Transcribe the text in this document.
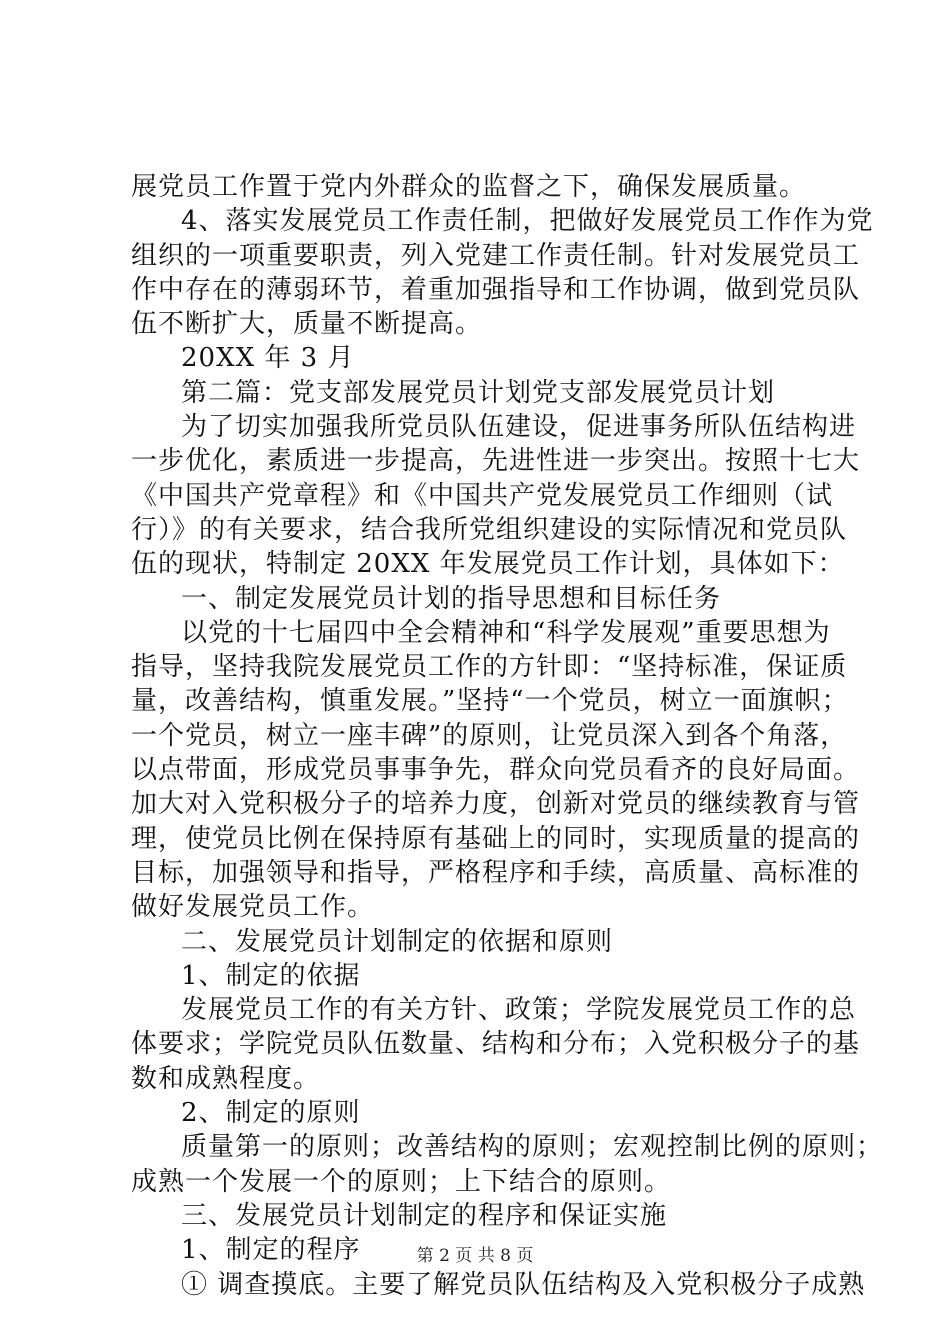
展党员工作置于党内外群众的监督之下，确保发展质量。
4、落实发展党员工作责任制，把做好发展党员工作作为党
组织的一项重要职责，列入党建工作责任制。针对发展党员工
作中存在的薄弱环节，着重加强指导和工作协调，做到党员队
伍不断扩大，质量不断提高。
20XX 年 3 月
第二篇：党支部发展党员计划党支部发展党员计划
为了切实加强我所党员队伍建设，促进事务所队伍结构进
一步优化，素质进一步提高，先进性进一步突出。按照十七大
《中国共产党章程》和《中国共产党发展党员工作细则（试
行）》的有关要求，结合我所党组织建设的实际情况和党员队
伍的现状，特制定 20XX 年发展党员工作计划，具体如下：
一、制定发展党员计划的指导思想和目标任务
以党的十七届四中全会精神和“科学发展观”重要思想为
指导，坚持我院发展党员工作的方针即：“坚持标准，保证质
量，改善结构，慎重发展。”坚持“一个党员，树立一面旗帜；
一个党员，树立一座丰碑”的原则，让党员深入到各个角落，
以点带面，形成党员事事争先，群众向党员看齐的良好局面。
加大对入党积极分子的培养力度，创新对党员的继续教育与管
理，使党员比例在保持原有基础上的同时，实现质量的提高的
目标，加强领导和指导，严格程序和手续，高质量、高标准的
做好发展党员工作。
二、发展党员计划制定的依据和原则
1、制定的依据
发展党员工作的有关方针、政策；学院发展党员工作的总
体要求；学院党员队伍数量、结构和分布；入党积极分子的基
数和成熟程度。
2、制定的原则
质量第一的原则；改善结构的原则；宏观控制比例的原则；
成熟一个发展一个的原则；上下结合的原则。
三、发展党员计划制定的程序和保证实施
1、制定的程序
① 调查摸底。主要了解党员队伍结构及入党积极分子成熟
第 2 页 共 8 页
